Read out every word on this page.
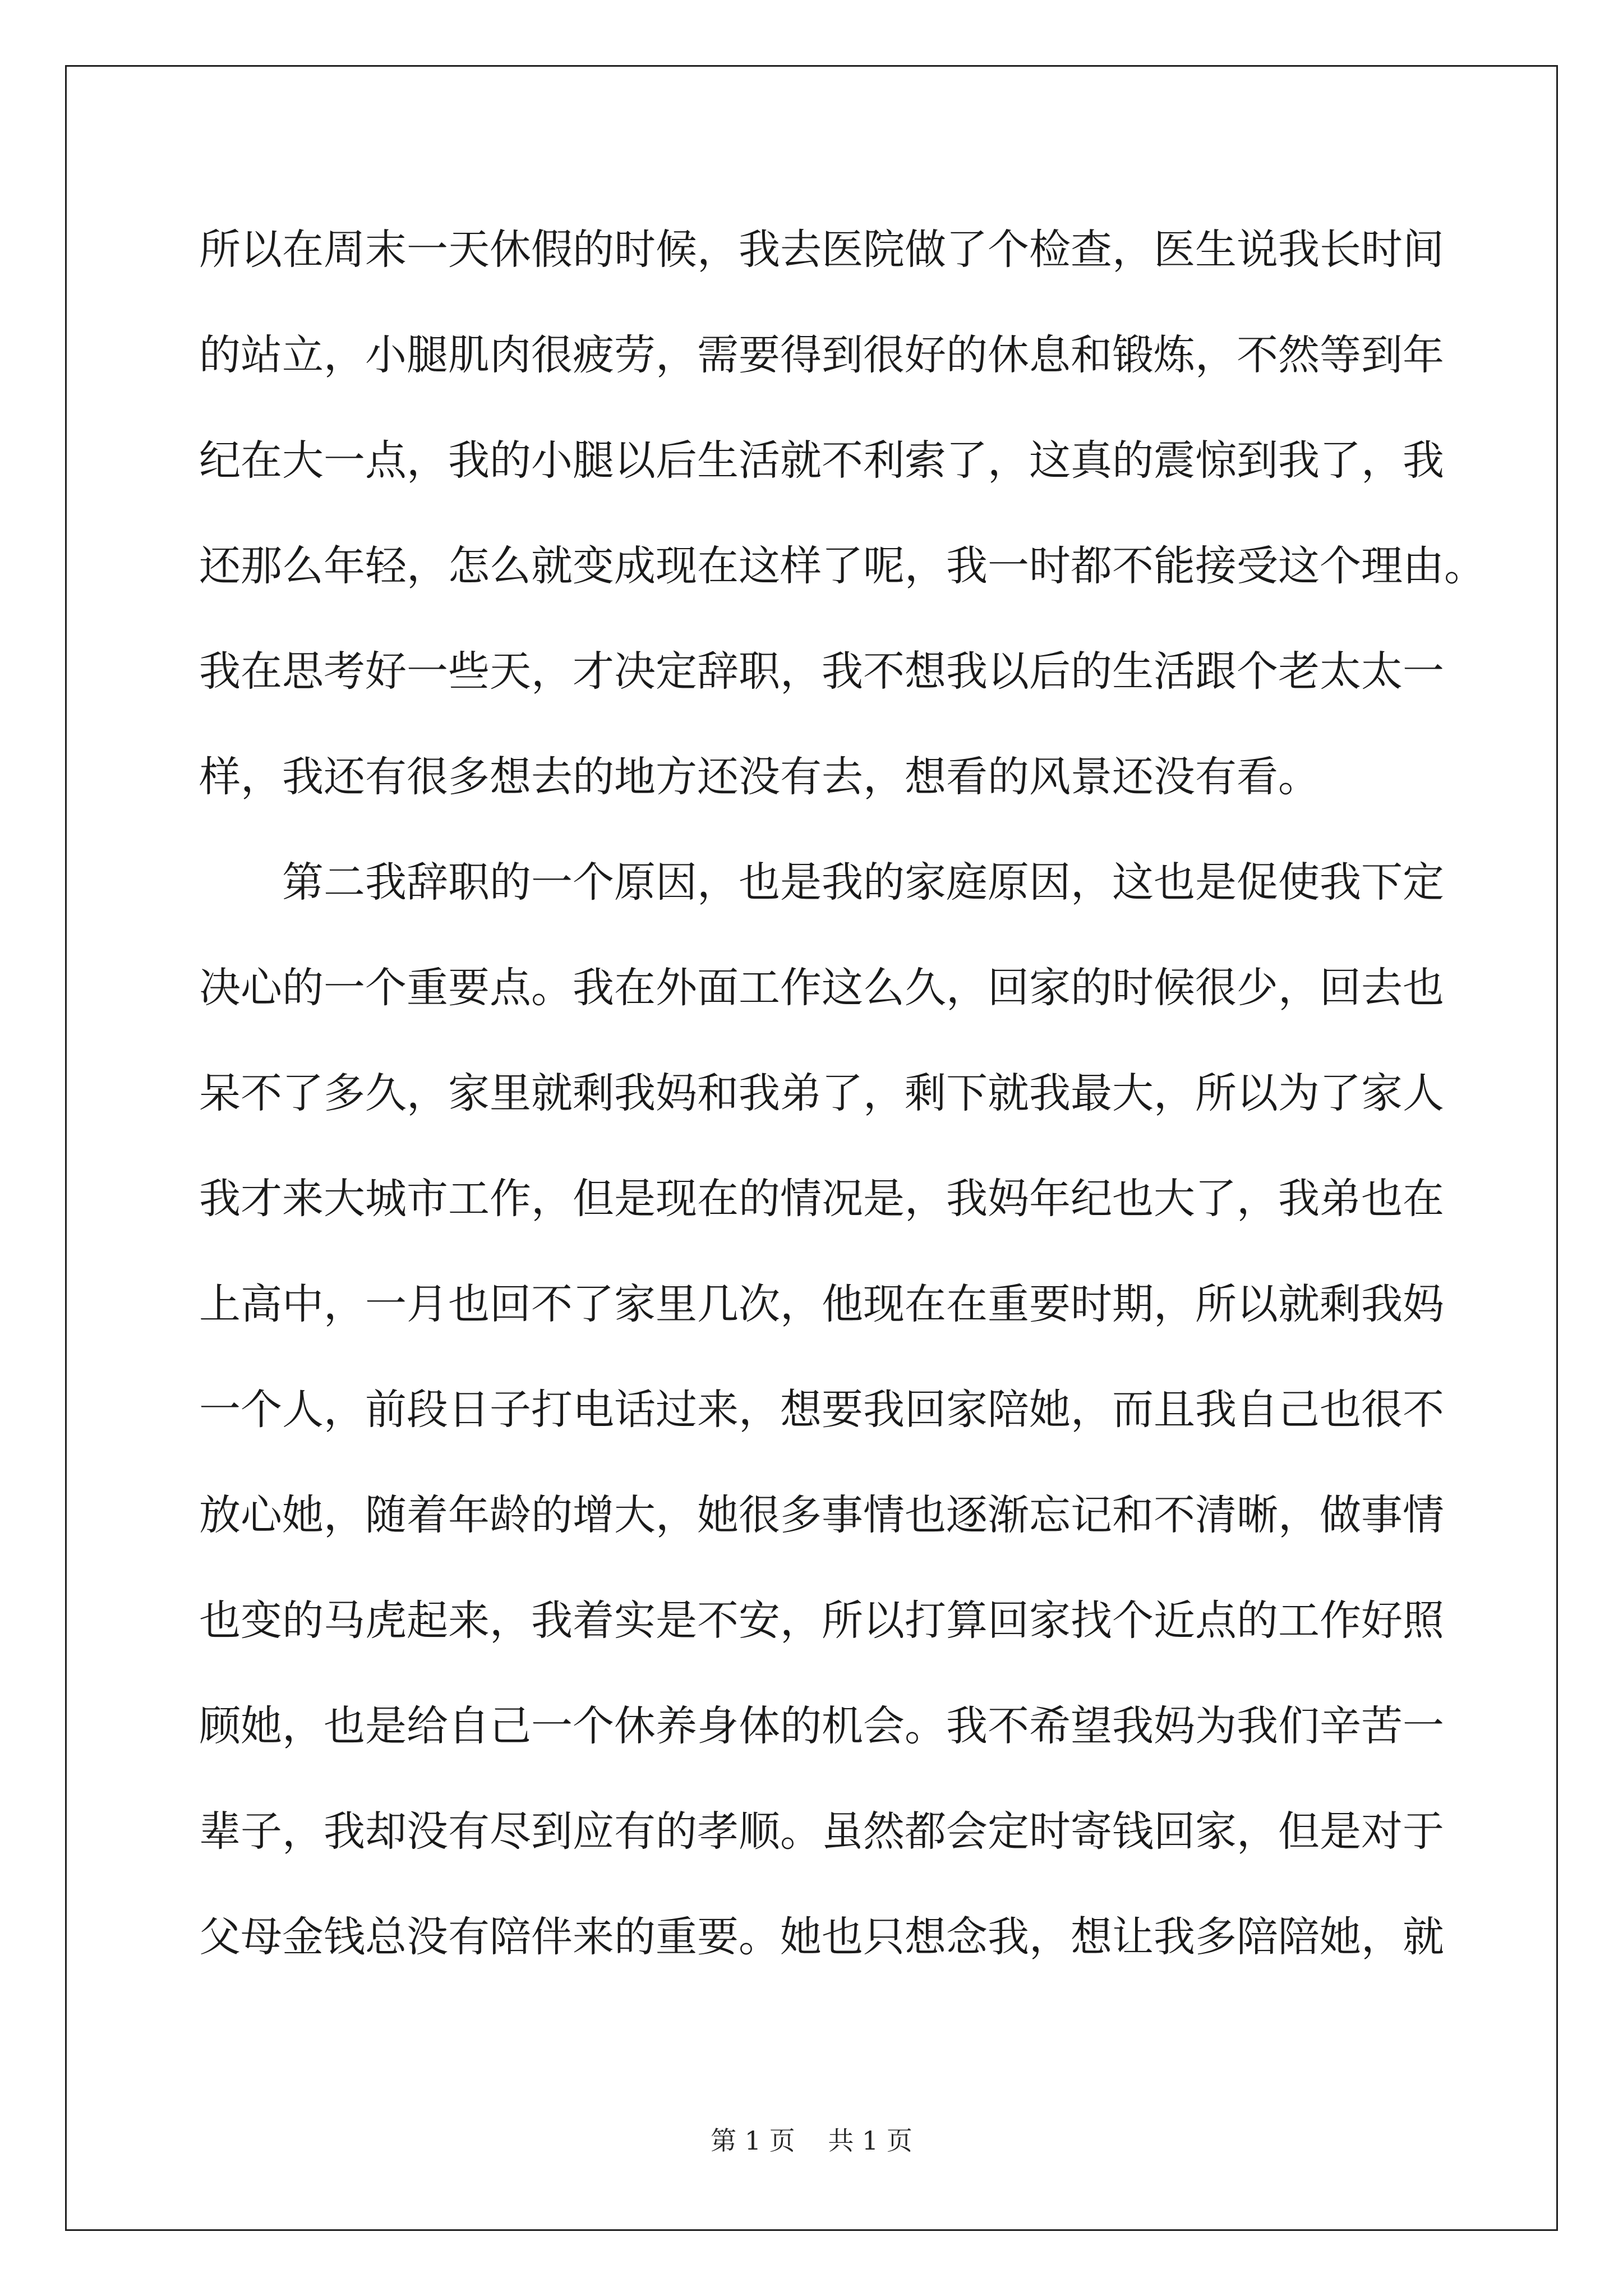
所以在周末一天休假的时候，我去医院做了个检查，医生说我长时间
的站立，小腿肌肉很疲劳，需要得到很好的休息和锻炼，不然等到年
纪在大一点，我的小腿以后生活就不利索了，这真的震惊到我了，我
还那么年轻，怎么就变成现在这样了呢，我一时都不能接受这个理由。
我在思考好一些天，才决定辞职，我不想我以后的生活跟个老太太一
样，我还有很多想去的地方还没有去，想看的风景还没有看。
第二我辞职的一个原因，也是我的家庭原因，这也是促使我下定
决心的一个重要点。我在外面工作这么久，回家的时候很少，回去也
呆不了多久，家里就剩我妈和我弟了，剩下就我最大，所以为了家人
我才来大城市工作，但是现在的情况是，我妈年纪也大了，我弟也在
上高中，一月也回不了家里几次，他现在在重要时期，所以就剩我妈
一个人，前段日子打电话过来，想要我回家陪她，而且我自己也很不
放心她，随着年龄的增大，她很多事情也逐渐忘记和不清晰，做事情
也变的马虎起来，我着实是不安，所以打算回家找个近点的工作好照
顾她，也是给自己一个休养身体的机会。我不希望我妈为我们辛苦一
辈子，我却没有尽到应有的孝顺。虽然都会定时寄钱回家，但是对于
父母金钱总没有陪伴来的重要。她也只想念我，想让我多陪陪她，就
第 1 页 共 1 页
